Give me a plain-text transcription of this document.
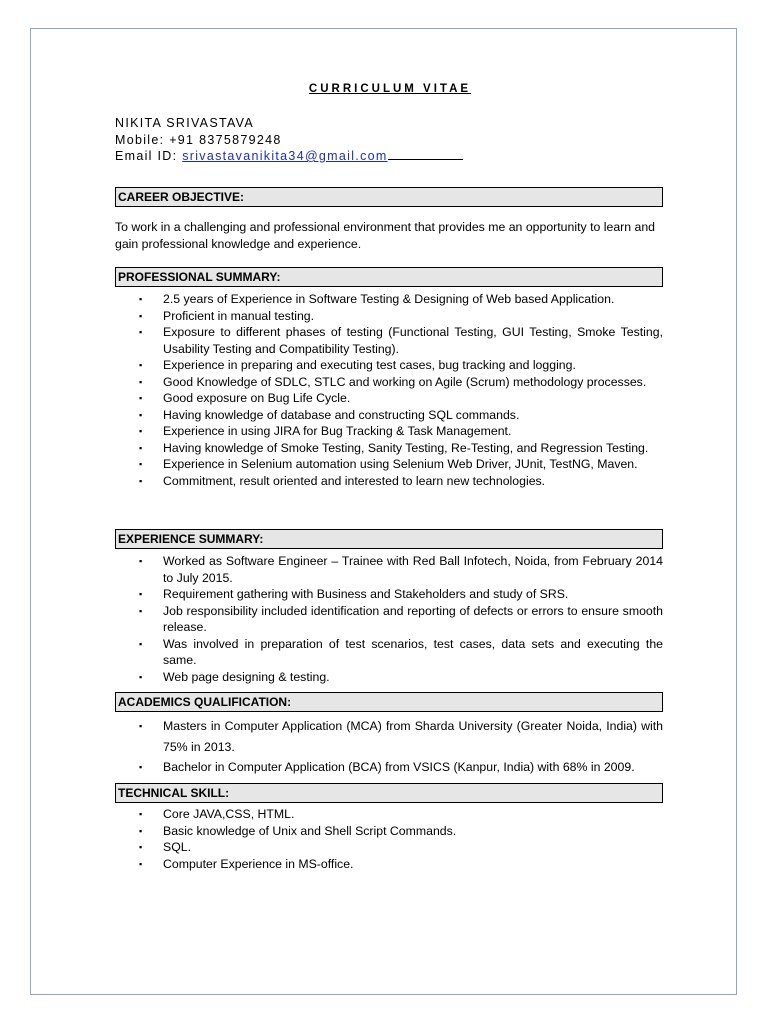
CURRICULUM VITAE
NIKITA SRIVASTAVA
Mobile: +91 8375879248
Email ID: srivastavanikita34@gmail.com
CAREER OBJECTIVE:
To work in a challenging and professional environment that provides me an opportunity to learn and gain professional knowledge and experience.
PROFESSIONAL SUMMARY:
▪ 2.5 years of Experience in Software Testing & Designing of Web based Application.
▪ Proficient in manual testing.
▪ Exposure to different phases of testing (Functional Testing, GUI Testing, Smoke Testing, Usability Testing and Compatibility Testing).
▪ Experience in preparing and executing test cases, bug tracking and logging.
▪ Good Knowledge of SDLC, STLC and working on Agile (Scrum) methodology processes.
▪ Good exposure on Bug Life Cycle.
▪ Having knowledge of database and constructing SQL commands.
▪ Experience in using JIRA for Bug Tracking & Task Management.
▪ Having knowledge of Smoke Testing, Sanity Testing, Re-Testing, and Regression Testing.
▪ Experience in Selenium automation using Selenium Web Driver, JUnit, TestNG, Maven.
▪ Commitment, result oriented and interested to learn new technologies.
EXPERIENCE SUMMARY:
▪ Worked as Software Engineer – Trainee with Red Ball Infotech, Noida, from February 2014 to July 2015.
▪ Requirement gathering with Business and Stakeholders and study of SRS.
▪ Job responsibility included identification and reporting of defects or errors to ensure smooth release.
▪ Was involved in preparation of test scenarios, test cases, data sets and executing the same.
▪ Web page designing & testing.
ACADEMICS QUALIFICATION:
▪ Masters in Computer Application (MCA) from Sharda University (Greater Noida, India) with 75% in 2013.
▪ Bachelor in Computer Application (BCA) from VSICS (Kanpur, India) with 68% in 2009.
TECHNICAL SKILL:
▪ Core JAVA,CSS, HTML.
▪ Basic knowledge of Unix and Shell Script Commands.
▪ SQL.
▪ Computer Experience in MS-office.
